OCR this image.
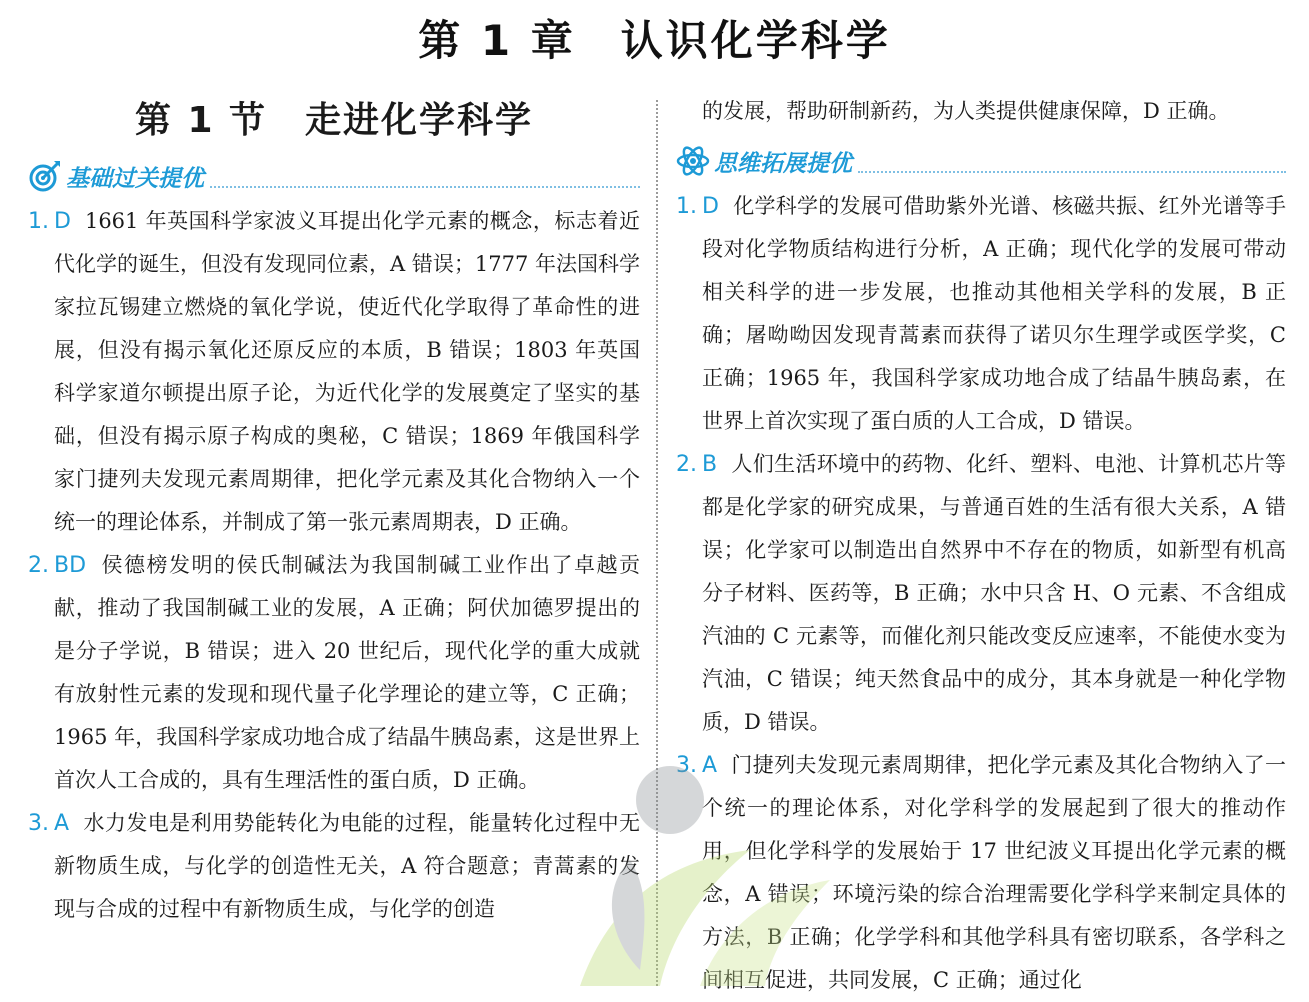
第 1 章　认识化学科学
第 1 节　走进化学科学
基础过关提优
1. D 1661 年英国科学家波义耳提出化学元素的概念，标志着近代化学的诞生，但没有发现同位素，A 错误；1777 年法国科学家拉瓦锡建立燃烧的氧化学说，使近代化学取得了革命性的进展，但没有揭示氧化还原反应的本质，B 错误；1803 年英国科学家道尔顿提出原子论，为近代化学的发展奠定了坚实的基础，但没有揭示原子构成的奥秘，C 错误；1869 年俄国科学家门捷列夫发现元素周期律，把化学元素及其化合物纳入一个统一的理论体系，并制成了第一张元素周期表，D 正确。
2. BD 侯德榜发明的侯氏制碱法为我国制碱工业作出了卓越贡献，推动了我国制碱工业的发展，A 正确；阿伏加德罗提出的是分子学说，B 错误；进入 20 世纪后，现代化学的重大成就有放射性元素的发现和现代量子化学理论的建立等，C 正确；1965 年，我国科学家成功地合成了结晶牛胰岛素，这是世界上首次人工合成的，具有生理活性的蛋白质，D 正确。
3. A 水力发电是利用势能转化为电能的过程，能量转化过程中无新物质生成，与化学的创造性无关，A 符合题意；青蒿素的发现与合成的过程中有新物质生成，与化学的创造
的发展，帮助研制新药，为人类提供健康保障，D 正确。
思维拓展提优
1. D 化学科学的发展可借助紫外光谱、核磁共振、红外光谱等手段对化学物质结构进行分析，A 正确；现代化学的发展可带动相关科学的进一步发展，也推动其他相关学科的发展，B 正确；屠呦呦因发现青蒿素而获得了诺贝尔生理学或医学奖，C 正确；1965 年，我国科学家成功地合成了结晶牛胰岛素，在世界上首次实现了蛋白质的人工合成，D 错误。
2. B 人们生活环境中的药物、化纤、塑料、电池、计算机芯片等都是化学家的研究成果，与普通百姓的生活有很大关系，A 错误；化学家可以制造出自然界中不存在的物质，如新型有机高分子材料、医药等，B 正确；水中只含 H、O 元素、不含组成汽油的 C 元素等，而催化剂只能改变反应速率，不能使水变为汽油，C 错误；纯天然食品中的成分，其本身就是一种化学物质，D 错误。
3. A 门捷列夫发现元素周期律，把化学元素及其化合物纳入了一个统一的理论体系，对化学科学的发展起到了很大的推动作用，但化学科学的发展始于 17 世纪波义耳提出化学元素的概念，A 错误；环境污染的综合治理需要化学科学来制定具体的方法，B 正确；化学学科和其他学科具有密切联系，各学科之间相互促进，共同发展，C 正确；通过化
